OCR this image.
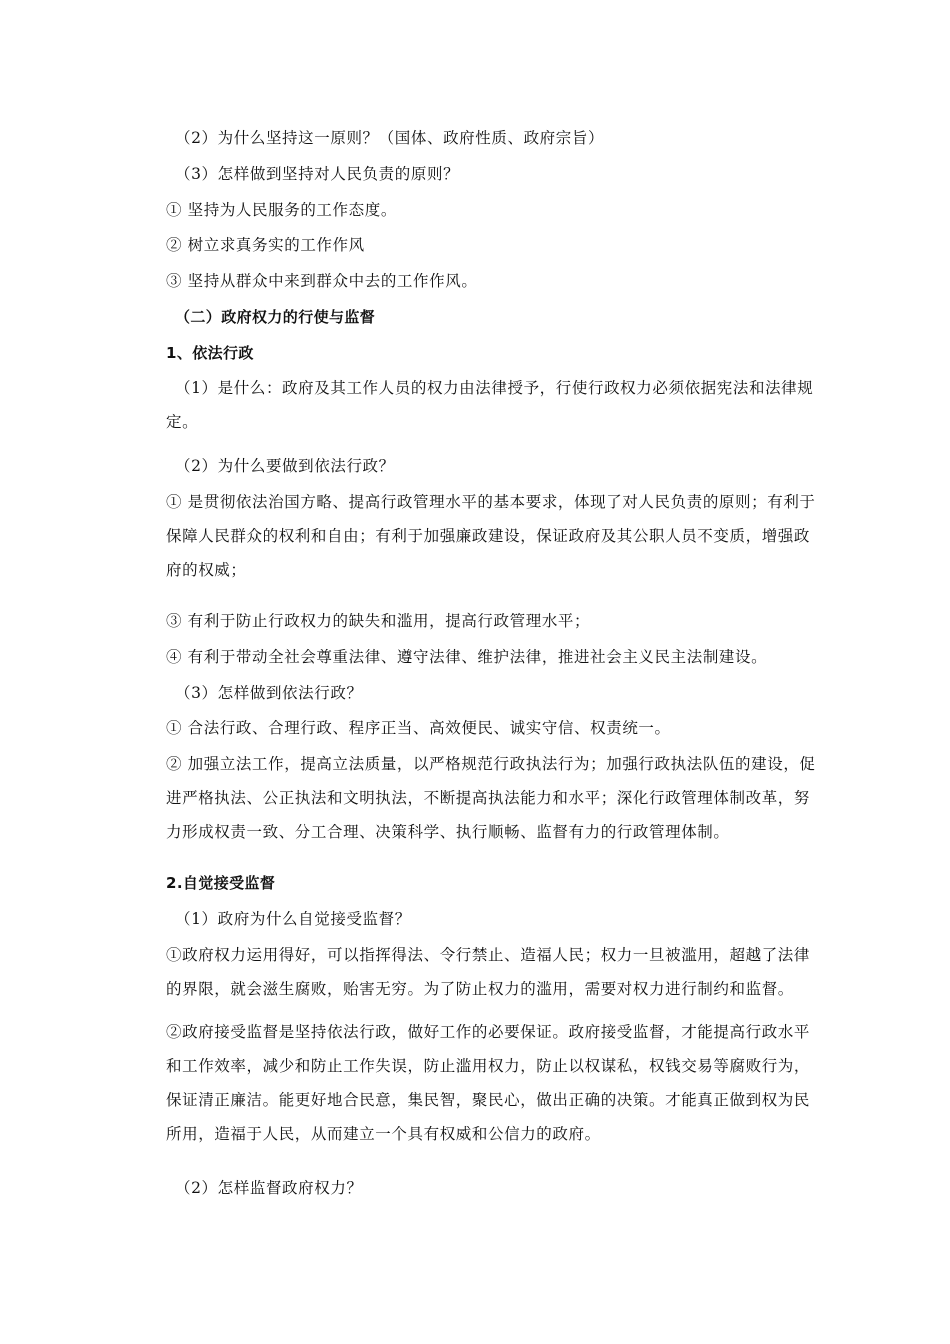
（2）为什么坚持这一原则？（国体、政府性质、政府宗旨）
（3）怎样做到坚持对人民负责的原则？
① 坚持为人民服务的工作态度。
② 树立求真务实的工作作风
③ 坚持从群众中来到群众中去的工作作风。
（二）政府权力的行使与监督
1、依法行政
（1）是什么：政府及其工作人员的权力由法律授予，行使行政权力必须依据宪法和法律规定。
（2）为什么要做到依法行政？
① 是贯彻依法治国方略、提高行政管理水平的基本要求，体现了对人民负责的原则；有利于保障人民群众的权利和自由；有利于加强廉政建设，保证政府及其公职人员不变质，增强政府的权威；
③ 有利于防止行政权力的缺失和滥用，提高行政管理水平；
④ 有利于带动全社会尊重法律、遵守法律、维护法律，推进社会主义民主法制建设。
（3）怎样做到依法行政？
① 合法行政、合理行政、程序正当、高效便民、诚实守信、权责统一。
② 加强立法工作，提高立法质量，以严格规范行政执法行为；加强行政执法队伍的建设，促进严格执法、公正执法和文明执法，不断提高执法能力和水平；深化行政管理体制改革，努力形成权责一致、分工合理、决策科学、执行顺畅、监督有力的行政管理体制。
2.自觉接受监督
（1）政府为什么自觉接受监督？
①政府权力运用得好，可以指挥得法、令行禁止、造福人民；权力一旦被滥用，超越了法律的界限，就会滋生腐败，贻害无穷。为了防止权力的滥用，需要对权力进行制约和监督。
②政府接受监督是坚持依法行政，做好工作的必要保证。政府接受监督，才能提高行政水平和工作效率，减少和防止工作失误，防止滥用权力，防止以权谋私，权钱交易等腐败行为，保证清正廉洁。能更好地合民意，集民智，聚民心，做出正确的决策。才能真正做到权为民所用，造福于人民，从而建立一个具有权威和公信力的政府。
（2）怎样监督政府权力？
